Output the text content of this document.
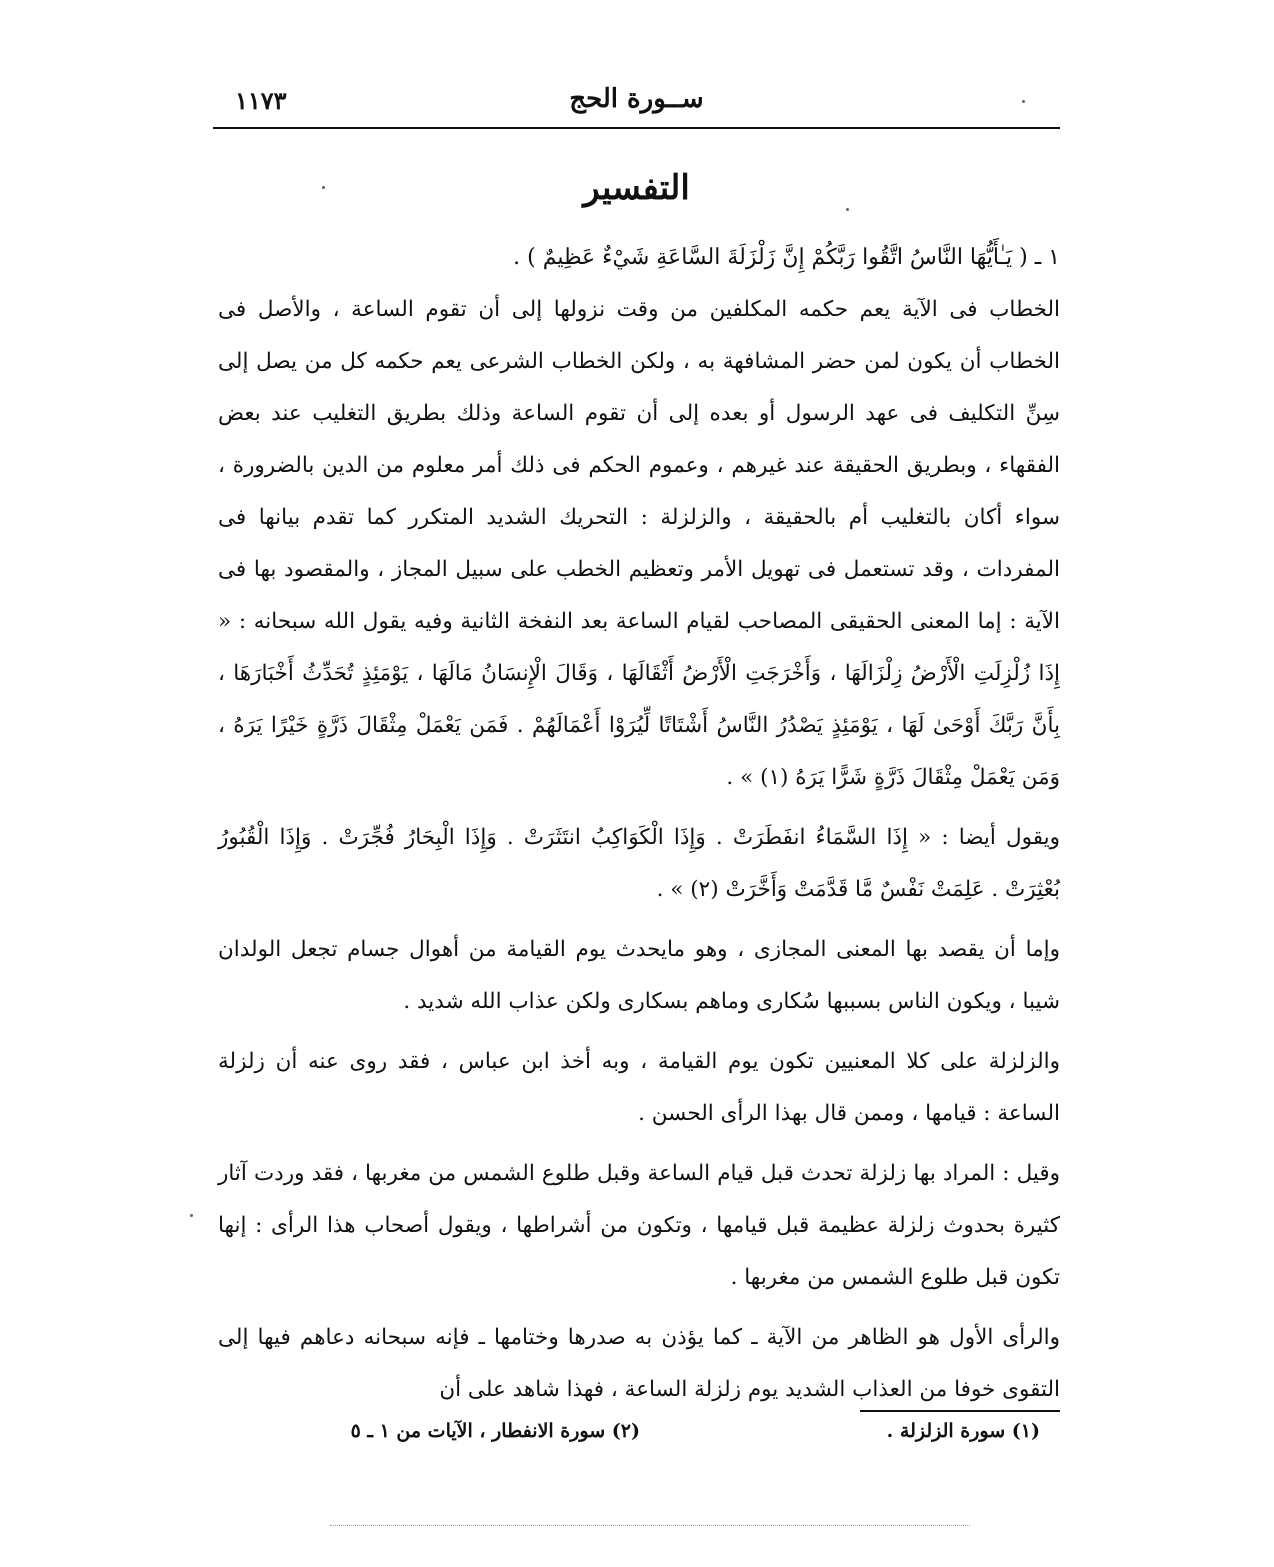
ســورة الحج
١١٧٣
التفسير

١ ـ ( يَـٰأَيُّهَا النَّاسُ اتَّقُوا رَبَّكُمْ إِنَّ زَلْزَلَةَ السَّاعَةِ شَيْءٌ عَظِيمٌ ) .

الخطاب فى الآية يعم حكمه المكلفين من وقت نزولها إلى أن تقوم الساعة ، والأصل فى الخطاب أن يكون لمن حضر المشافهة به ، ولكن الخطاب الشرعى يعم حكمه كل من يصل إلى سِنِّ التكليف فى عهد الرسول أو بعده إلى أن تقوم الساعة وذلك بطريق التغليب عند بعض الفقهاء ، وبطريق الحقيقة عند غيرهم ، وعموم الحكم فى ذلك أمر معلوم من الدين بالضرورة ، سواء أكان بالتغليب أم بالحقيقة ، والزلزلة : التحريك الشديد المتكرر كما تقدم بيانها فى المفردات ، وقد تستعمل فى تهويل الأمر وتعظيم الخطب على سبيل المجاز ، والمقصود بها فى الآية : إما المعنى الحقيقى المصاحب لقيام الساعة بعد النفخة الثانية وفيه يقول الله سبحانه : « إِذَا زُلْزِلَتِ الْأَرْضُ زِلْزَالَهَا ، وَأَخْرَجَتِ الْأَرْضُ أَثْقَالَهَا ، وَقَالَ الْإِنسَانُ مَالَهَا ، يَوْمَئِذٍ تُحَدِّثُ أَخْبَارَهَا ، بِأَنَّ رَبَّكَ أَوْحَىٰ لَهَا ، يَوْمَئِذٍ يَصْدُرُ النَّاسُ أَشْتَاتًا لِّيُرَوْا أَعْمَالَهُمْ . فَمَن يَعْمَلْ مِثْقَالَ ذَرَّةٍ خَيْرًا يَرَهُ ، وَمَن يَعْمَلْ مِثْقَالَ ذَرَّةٍ شَرًّا يَرَهُ (١) » .

ويقول أيضا : « إِذَا السَّمَاءُ انفَطَرَتْ . وَإِذَا الْكَوَاكِبُ انتَثَرَتْ . وَإِذَا الْبِحَارُ فُجِّرَتْ . وَإِذَا الْقُبُورُ بُعْثِرَتْ . عَلِمَتْ نَفْسٌ مَّا قَدَّمَتْ وَأَخَّرَتْ (٢) » .

وإما أن يقصد بها المعنى المجازى ، وهو مايحدث يوم القيامة من أهوال جسام تجعل الولدان شيبا ، ويكون الناس بسببها سُكارى وماهم بسكارى ولكن عذاب الله شديد .

والزلزلة على كلا المعنيين تكون يوم القيامة ، وبه أخذ ابن عباس ، فقد روى عنه أن زلزلة الساعة : قيامها ، وممن قال بهذا الرأى الحسن .

وقيل : المراد بها زلزلة تحدث قبل قيام الساعة وقبل طلوع الشمس من مغربها ، فقد وردت آثار كثيرة بحدوث زلزلة عظيمة قبل قيامها ، وتكون من أشراطها ، ويقول أصحاب هذا الرأى : إنها تكون قبل طلوع الشمس من مغربها .

والرأى الأول هو الظاهر من الآية ـ كما يؤذن به صدرها وختامها ـ فإنه سبحانه دعاهم فيها إلى التقوى خوفا من العذاب الشديد يوم زلزلة الساعة ، فهذا شاهد على أن

(١) سورة الزلزلة .
(٢) سورة الانفطار ، الآيات من ١ ـ ٥
